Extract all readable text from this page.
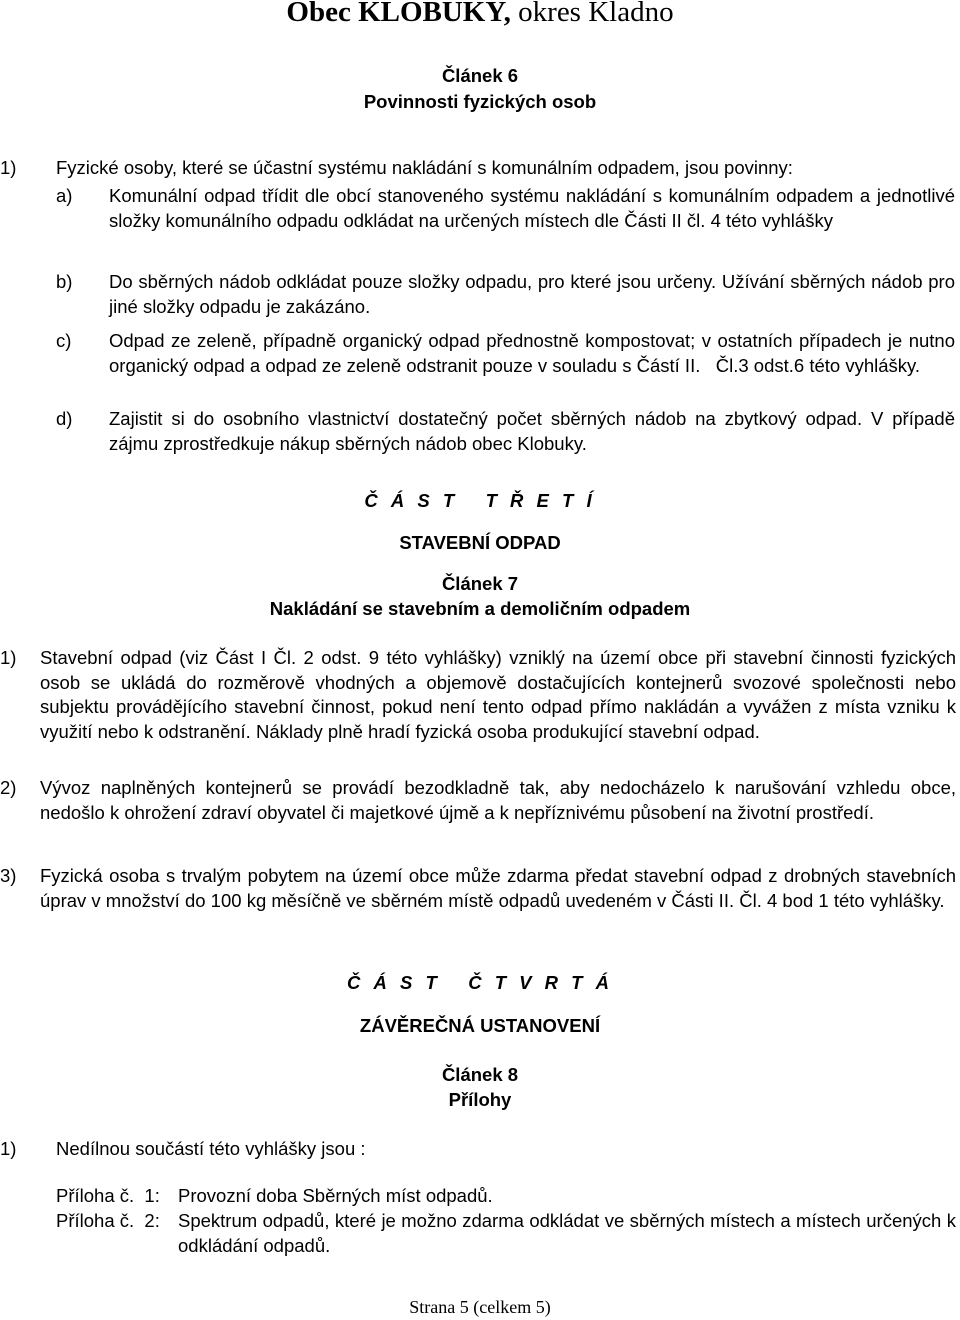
Obec KLOBUKY, okres Kladno
Článek 6
Povinnosti fyzických osob
1)	Fyzické osoby, které se účastní systému nakládání s komunálním odpadem, jsou povinny:
a) Komunální odpad třídit dle obcí stanoveného systému nakládání s komunálním odpadem a jednotlivé složky komunálního odpadu odkládat na určených místech dle Části II čl. 4 této vyhlášky
b) Do sběrných nádob odkládat pouze složky odpadu, pro které jsou určeny. Užívání sběrných nádob pro jiné složky odpadu je zakázáno.
c) Odpad ze zeleně, případně organický odpad přednostně kompostovat; v ostatních případech je nutno organický odpad a odpad ze zeleně odstranit pouze v souladu s Částí II.   Čl.3 odst.6 této vyhlášky.
d) Zajistit si do osobního vlastnictví dostatečný počet sběrných nádob na zbytkový odpad. V případě zájmu zprostředkuje nákup sběrných nádob obec Klobuky.
Č Á S T   T Ř E T Í
STAVEBNÍ ODPAD
Článek 7
Nakládání se stavebním a demoličním odpadem
1)	Stavební odpad (viz Část I Čl. 2 odst. 9 této vyhlášky) vzniklý na území obce při stavební činnosti fyzických osob se ukládá do rozměrově vhodných a objemově dostačujících kontejnerů svozové společnosti nebo subjektu provádějícího stavební činnost, pokud není tento odpad přímo nakládán a vyvážen z místa vzniku k využití nebo k odstranění. Náklady plně hradí fyzická osoba produkující stavební odpad.
2)	Vývoz naplněných kontejnerů se provádí bezodkladně tak, aby nedocházelo k narušování vzhledu obce, nedošlo k ohrožení zdraví obyvatel či majetkové újmě a k nepříznivému působení na životní prostředí.
3)	Fyzická osoba s trvalým pobytem na území obce může zdarma předat stavební odpad z drobných stavebních úprav v množství do 100 kg měsíčně ve sběrném místě odpadů uvedeném v Části II. Čl. 4 bod 1 této vyhlášky.
Č Á S T   Č T V R T Á
ZÁVĚREČNÁ USTANOVENÍ
Článek 8
Přílohy
1)	Nedílnou součástí této vyhlášky jsou :
Příloha č.  1: Provozní doba Sběrných míst odpadů.
Příloha č.  2: Spektrum odpadů, které je možno zdarma odkládat ve sběrných místech a místech určených k odkládání odpadů.
Strana 5 (celkem 5)
